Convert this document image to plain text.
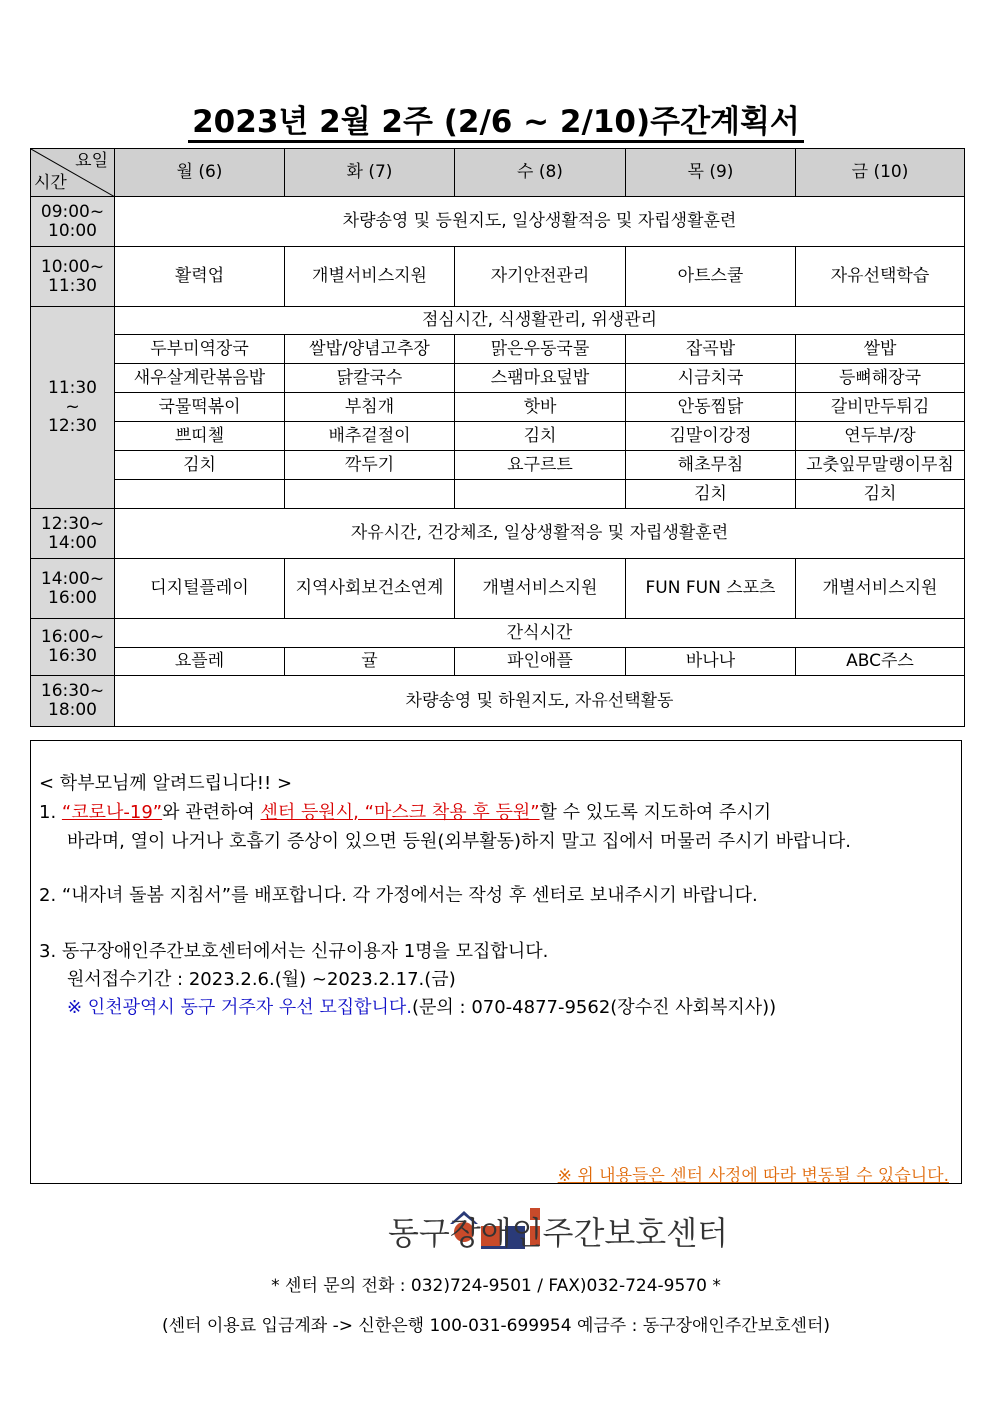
2023년 2월 2주 (2/6 ~ 2/10)주간계획서
요일
시간	월 (6)	화 (7)	수 (8)	목 (9)	금 (10)
09:00~
10:00	차량송영 및 등원지도, 일상생활적응 및 자립생활훈련				
10:00~
11:30	활력업	개별서비스지원	자기안전관리	아트스쿨	자유선택학습
11:30
~
12:30	점심시간, 식생활관리, 위생관리				
	두부미역장국	쌀밥/양념고추장	맑은우동국물	잡곡밥	쌀밥
	새우살계란볶음밥	닭칼국수	스팸마요덮밥	시금치국	등뼈해장국
	국물떡볶이	부침개	핫바	안동찜닭	갈비만두튀김
	쁘띠첼	배추겉절이	김치	김말이강정	연두부/장
	김치	깍두기	요구르트	해초무침	고춧잎무말랭이무침
				김치	김치
12:30~
14:00	자유시간, 건강체조, 일상생활적응 및 자립생활훈련				
14:00~
16:00	디지털플레이	지역사회보건소연계	개별서비스지원	FUN FUN 스포츠	개별서비스지원
16:00~
16:30	간식시간				
	요플레	귤	파인애플	바나나	ABC주스
16:30~
18:00	차량송영 및 하원지도, 자유선택활동				
< 학부모님께 알려드립니다!! >
1. “코로나-19”와 관련하여 센터 등원시, “마스크 착용 후 등원”할 수 있도록 지도하여 주시기
바라며, 열이 나거나 호흡기 증상이 있으면 등원(외부활동)하지 말고 집에서 머물러 주시기 바랍니다.
2. “내자녀 돌봄 지침서”를 배포합니다. 각 가정에서는 작성 후 센터로 보내주시기 바랍니다.
3. 동구장애인주간보호센터에서는 신규이용자 1명을 모집합니다.
원서접수기간 : 2023.2.6.(월) ~2023.2.17.(금)
※ 인천광역시 동구 거주자 우선 모집합니다.(문의 : 070-4877-9562(장수진 사회복지사))
※ 위 내용들은 센터 사정에 따라 변동될 수 있습니다.
동구장애인주간보호센터
* 센터 문의 전화 : 032)724-9501 / FAX)032-724-9570 *
(센터 이용료 입금계좌 -> 신한은행 100-031-699954 예금주 : 동구장애인주간보호센터)
